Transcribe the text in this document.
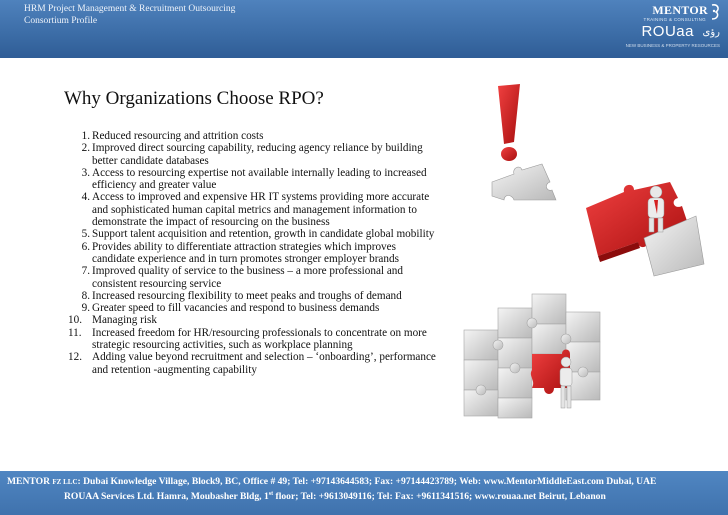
HRM Project Management & Recruitment Outsourcing
Consortium Profile
MENTOR
TRAINING & CONSULTING
ROUaa رؤى
NEW BUSINESS & PROPERTY RESOURCES
Why Organizations Choose RPO?
1. Reduced resourcing and attrition costs
2. Improved direct sourcing capability, reducing agency reliance by building better candidate databases
3. Access to resourcing expertise not available internally leading to increased efficiency and greater value
4. Access to improved and expensive HR IT systems providing more accurate and sophisticated human capital metrics and management information to demonstrate the impact of resourcing on the business
5. Support talent acquisition and retention, growth in candidate global mobility
6. Provides ability to differentiate attraction strategies which improves candidate experience and in turn promotes stronger employer brands
7. Improved quality of service to the business – a more professional and consistent resourcing service
8. Increased resourcing flexibility to meet peaks and troughs of demand
9. Greater speed to fill vacancies and respond to business demands
10. Managing risk
11. Increased freedom for HR/resourcing professionals to concentrate on more strategic resourcing activities, such as workplace planning
12. Adding value beyond recruitment and selection – ‘onboarding’, performance and retention -augmenting capability
MENTOR FZ LLC: Dubai Knowledge Village, Block9, BC, Office # 49; Tel: +97143644583; Fax: +97144423789; Web: www.MentorMiddleEast.com Dubai, UAE
ROUAA Services Ltd. Hamra, Moubasher Bldg, 1st floor; Tel: +9613049116; Tel: Fax: +9611341516; www.rouaa.net Beirut, Lebanon
